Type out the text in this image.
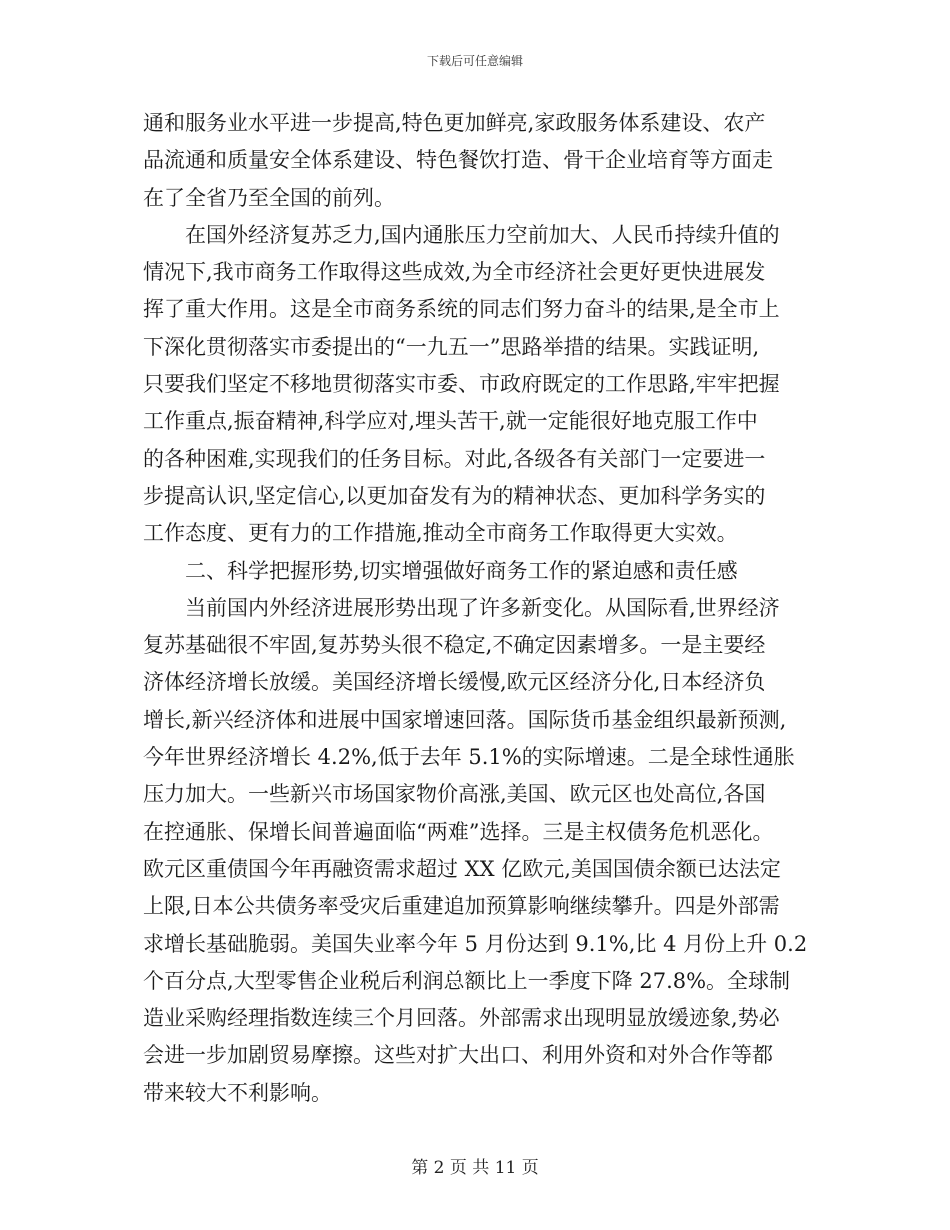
下载后可任意编辑
通和服务业水平进一步提高,特色更加鲜亮,家政服务体系建设、农产
品流通和质量安全体系建设、特色餐饮打造、骨干企业培育等方面走
在了全省乃至全国的前列。
　　在国外经济复苏乏力,国内通胀压力空前加大、人民币持续升值的
情况下,我市商务工作取得这些成效,为全市经济社会更好更快进展发
挥了重大作用。这是全市商务系统的同志们努力奋斗的结果,是全市上
下深化贯彻落实市委提出的“一九五一”思路举措的结果。实践证明,
只要我们坚定不移地贯彻落实市委、市政府既定的工作思路,牢牢把握
工作重点,振奋精神,科学应对,埋头苦干,就一定能很好地克服工作中
的各种困难,实现我们的任务目标。对此,各级各有关部门一定要进一
步提高认识,坚定信心,以更加奋发有为的精神状态、更加科学务实的
工作态度、更有力的工作措施,推动全市商务工作取得更大实效。
　　二、科学把握形势,切实增强做好商务工作的紧迫感和责任感
　　当前国内外经济进展形势出现了许多新变化。从国际看,世界经济
复苏基础很不牢固,复苏势头很不稳定,不确定因素增多。一是主要经
济体经济增长放缓。美国经济增长缓慢,欧元区经济分化,日本经济负
增长,新兴经济体和进展中国家增速回落。国际货币基金组织最新预测,
今年世界经济增长 4.2%,低于去年 5.1%的实际增速。二是全球性通胀
压力加大。一些新兴市场国家物价高涨,美国、欧元区也处高位,各国
在控通胀、保增长间普遍面临“两难”选择。三是主权债务危机恶化。
欧元区重债国今年再融资需求超过 XX 亿欧元,美国国债余额已达法定
上限,日本公共债务率受灾后重建追加预算影响继续攀升。四是外部需
求增长基础脆弱。美国失业率今年 5 月份达到 9.1%,比 4 月份上升 0.2
个百分点,大型零售企业税后利润总额比上一季度下降 27.8%。全球制
造业采购经理指数连续三个月回落。外部需求出现明显放缓迹象,势必
会进一步加剧贸易摩擦。这些对扩大出口、利用外资和对外合作等都
带来较大不利影响。
第 2 页 共 11 页
